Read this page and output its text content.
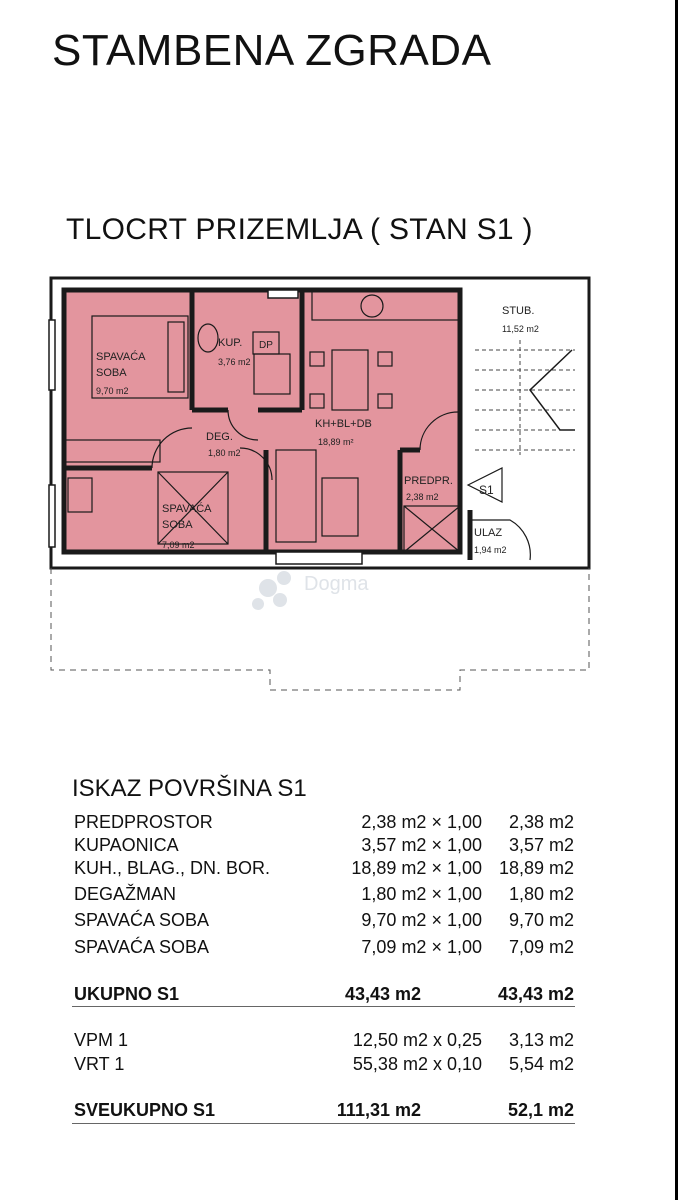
STAMBENA ZGRADA
TLOCRT PRIZEMLJA ( STAN S1 )
SPAVAĆA
SOBA
9,70 m2
KUP.
3,76 m2
DP
KH+BL+DB
18,89 m²
STUB.
11,52 m2
DEG.
1,80 m2
PREDPR.
2,38 m2
SPAVAĆA
SOBA
7,09 m2
ULAZ
1,94 m2
S1
Dogma
ISKAZ POVRŠINA S1
PREDPROSTOR	2,38 m2 × 1,00 2,38 m2
KUPAONICA	3,57 m2 × 1,00 3,57 m2
KUH., BLAG., DN. BOR.	18,89 m2 × 1,00 18,89 m2
DEGAŽMAN	1,80 m2 × 1,00 1,80 m2
SPAVAĆA SOBA	9,70 m2 × 1,00 9,70 m2
SPAVAĆA SOBA	7,09 m2 × 1,00 7,09 m2
UKUPNO S1	43,43 m2	43,43 m2
VPM 1	12,50 m2 x 0,25 3,13 m2
VRT 1	55,38 m2 x 0,10 5,54 m2
SVEUKUPNO S1	111,31 m2	52,1 m2
